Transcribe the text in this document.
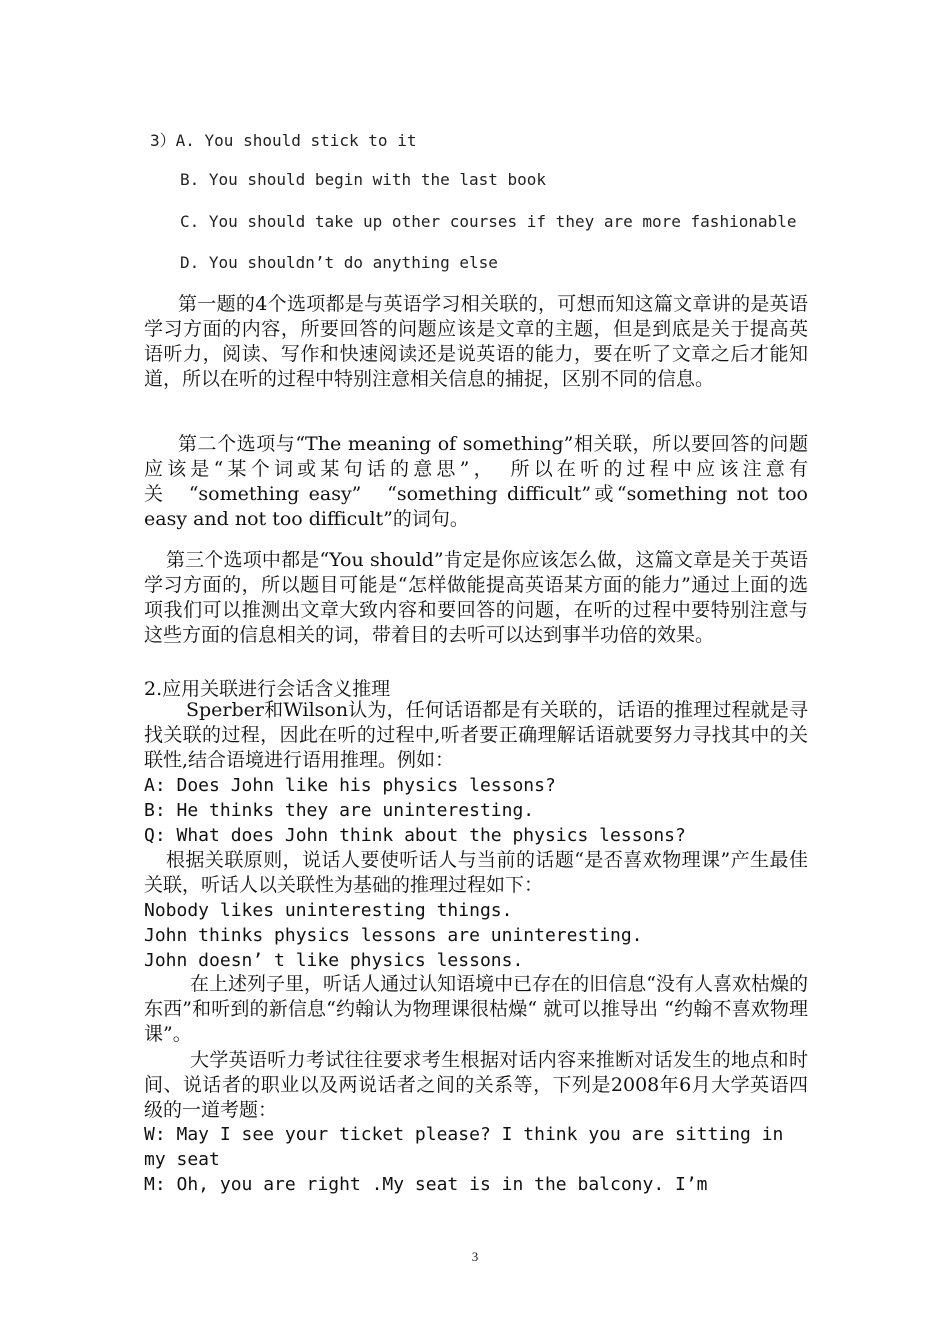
3）A. You should stick to it
B. You should begin with the last book
C. You should take up other courses if they are more fashionable
D. You shouldn’t do anything else
第一题的4个选项都是与英语学习相关联的，可想而知这篇文章讲的是英语学习方面的内容，所要回答的问题应该是文章的主题，但是到底是关于提高英语听力，阅读、写作和快速阅读还是说英语的能力，要在听了文章之后才能知道，所以在听的过程中特别注意相关信息的捕捉，区别不同的信息。
第二个选项与“The meaning of something”相关联，所以要回答的问题应该是“某个词或某句话的意思”，　所以在听的过程中应该注意有关　“something easy”　“something difficult”或“something not too easy and not too difficult”的词句。
第三个选项中都是“You should”肯定是你应该怎么做，这篇文章是关于英语学习方面的，所以题目可能是“怎样做能提高英语某方面的能力”通过上面的选项我们可以推测出文章大致内容和要回答的问题，在听的过程中要特别注意与这些方面的信息相关的词，带着目的去听可以达到事半功倍的效果。
2.应用关联进行会话含义推理
Sperber和Wilson认为，任何话语都是有关联的，话语的推理过程就是寻找关联的过程，因此在听的过程中,听者要正确理解话语就要努力寻找其中的关联性,结合语境进行语用推理。例如：
A: Does John like his physics lessons?
B: He thinks they are uninteresting.
Q: What does John think about the physics lessons?
根据关联原则，说话人要使听话人与当前的话题“是否喜欢物理课”产生最佳关联，听话人以关联性为基础的推理过程如下：
Nobody likes uninteresting things.
John thinks physics lessons are uninteresting.
John doesn’ t like physics lessons.
在上述列子里，听话人通过认知语境中已存在的旧信息“没有人喜欢枯燥的东西”和听到的新信息“约翰认为物理课很枯燥“ 就可以推导出 “约翰不喜欢物理课”。
大学英语听力考试往往要求考生根据对话内容来推断对话发生的地点和时间、说话者的职业以及两说话者之间的关系等，下列是2008年6月大学英语四级的一道考题：
W: May I see your ticket please? I think you are sitting in my seat
M: Oh, you are right .My seat is in the balcony. I’m
3
